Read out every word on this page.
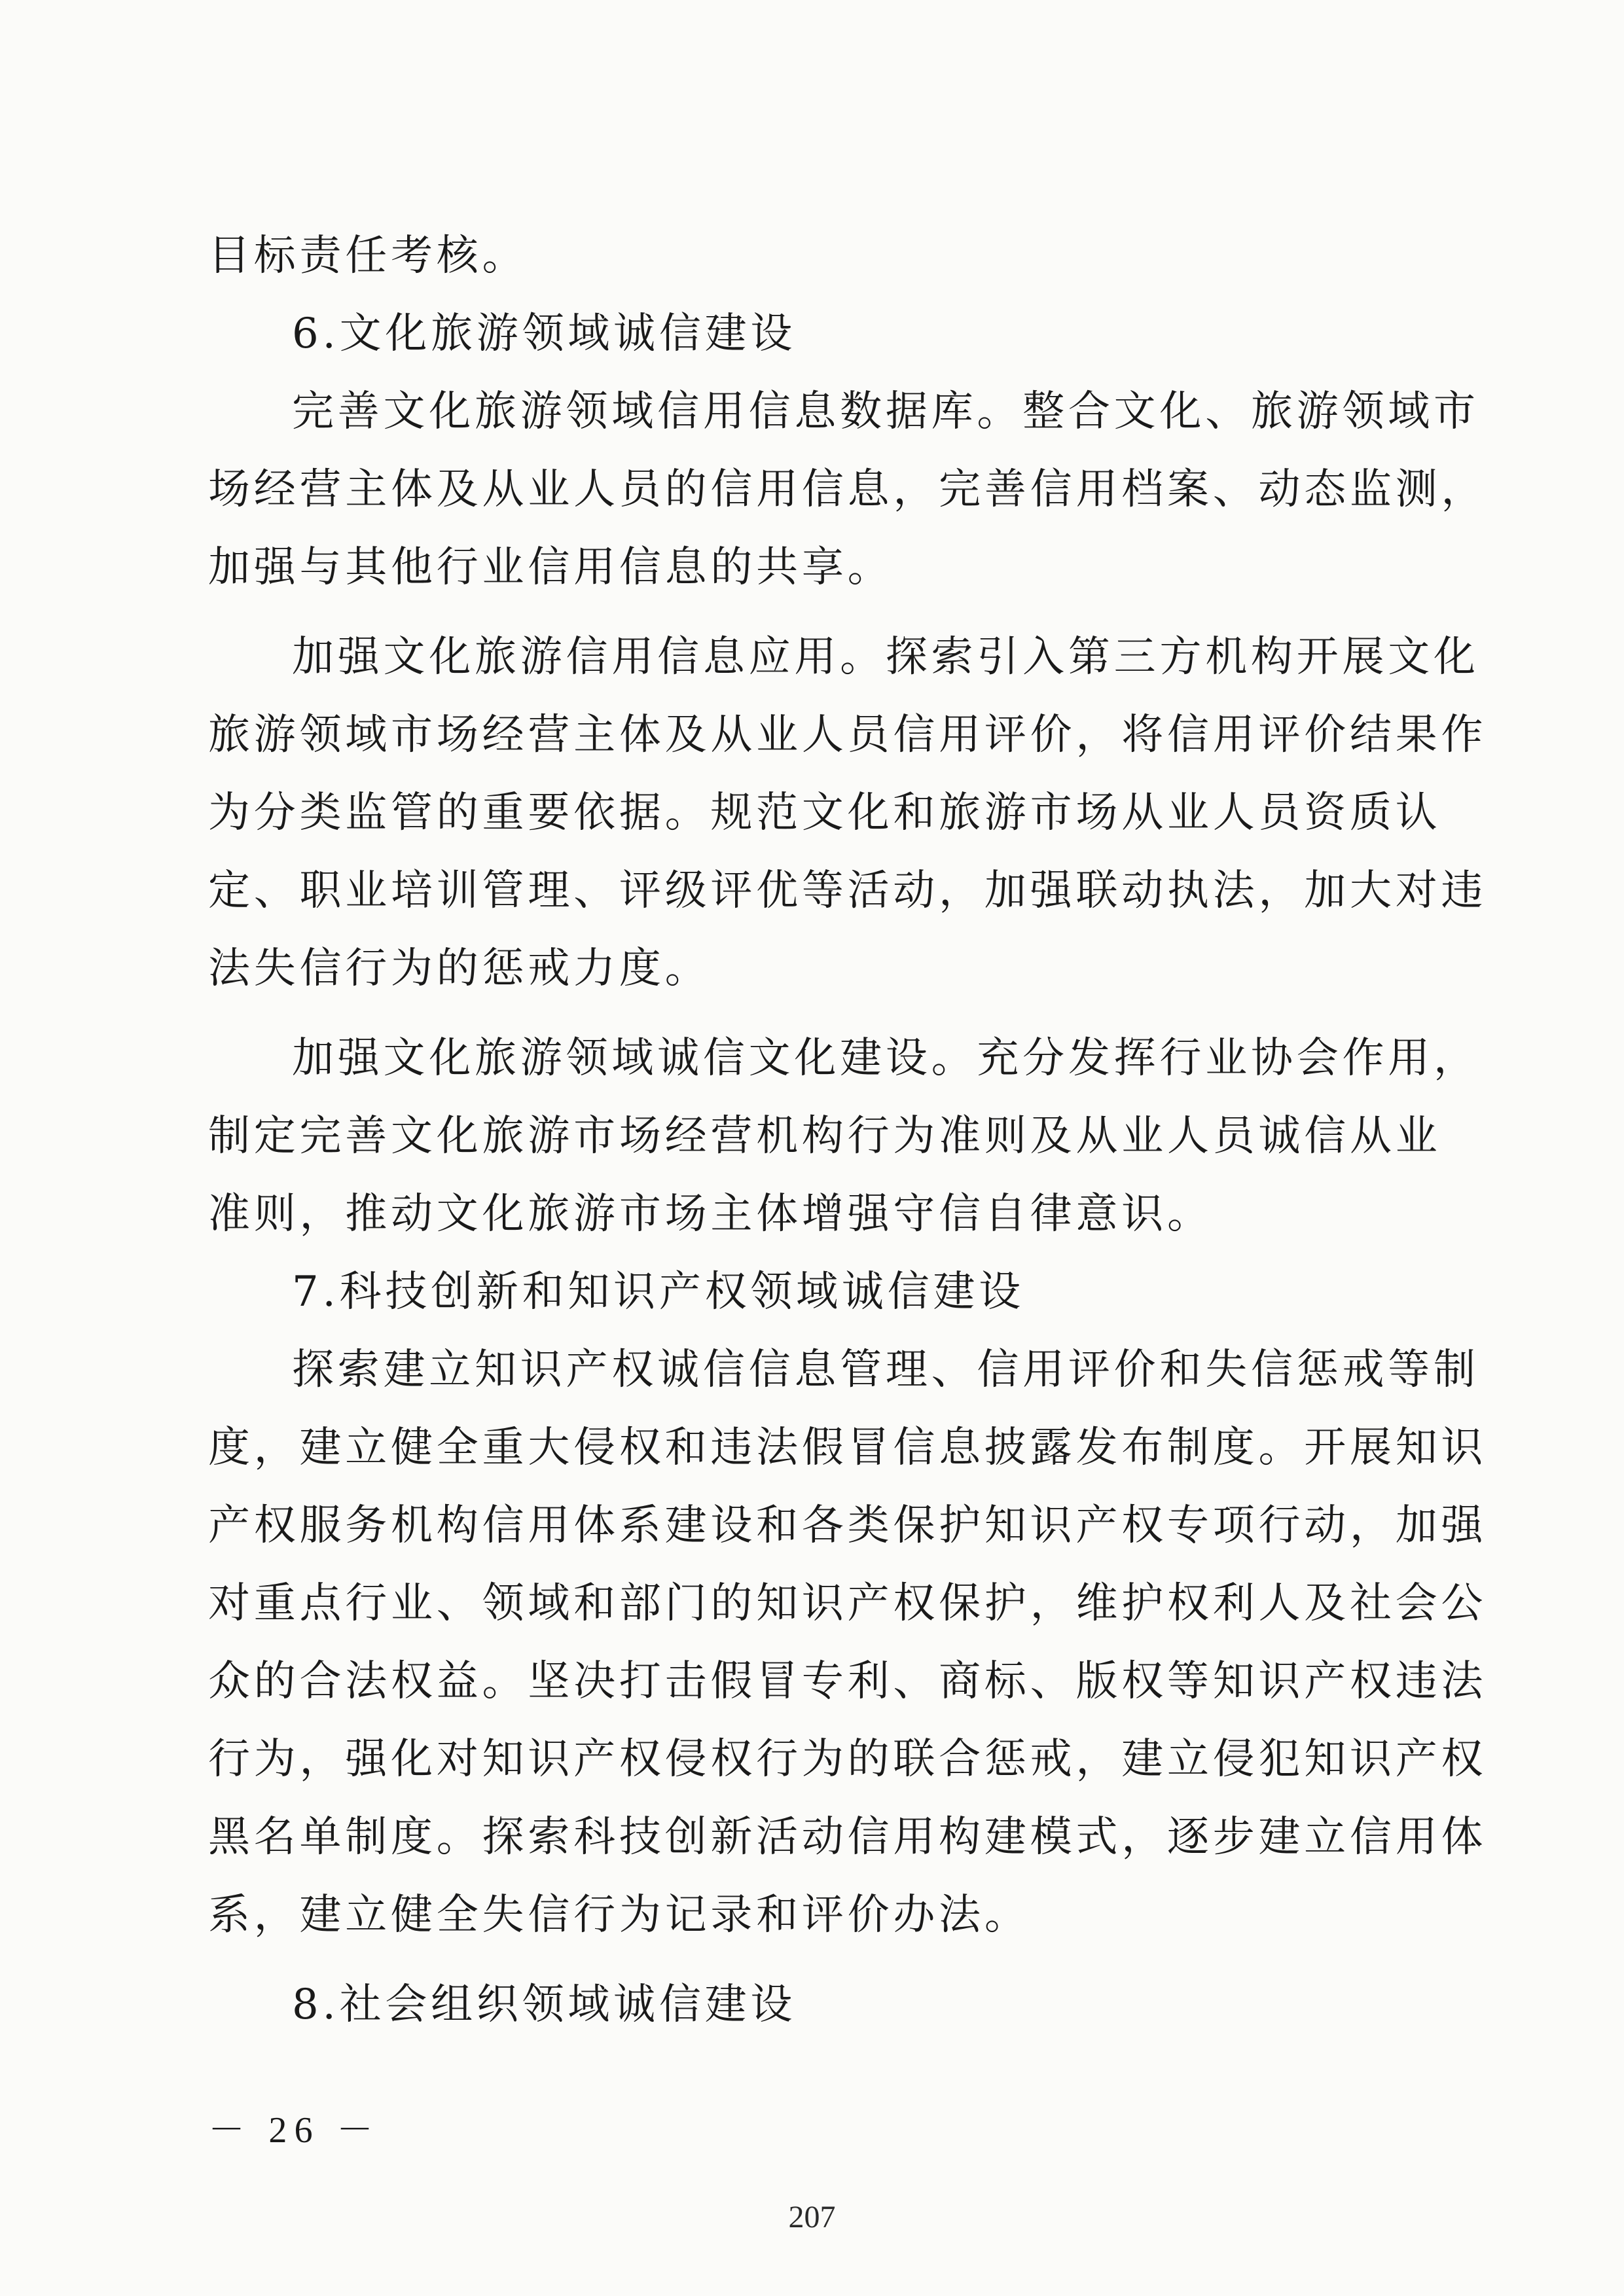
目标责任考核。
6.文化旅游领域诚信建设
完善文化旅游领域信用信息数据库。整合文化、旅游领域市
场经营主体及从业人员的信用信息，完善信用档案、动态监测，
加强与其他行业信用信息的共享。
加强文化旅游信用信息应用。探索引入第三方机构开展文化
旅游领域市场经营主体及从业人员信用评价，将信用评价结果作
为分类监管的重要依据。规范文化和旅游市场从业人员资质认
定、职业培训管理、评级评优等活动，加强联动执法，加大对违
法失信行为的惩戒力度。
加强文化旅游领域诚信文化建设。充分发挥行业协会作用，
制定完善文化旅游市场经营机构行为准则及从业人员诚信从业
准则，推动文化旅游市场主体增强守信自律意识。
7.科技创新和知识产权领域诚信建设
探索建立知识产权诚信信息管理、信用评价和失信惩戒等制
度，建立健全重大侵权和违法假冒信息披露发布制度。开展知识
产权服务机构信用体系建设和各类保护知识产权专项行动，加强
对重点行业、领域和部门的知识产权保护，维护权利人及社会公
众的合法权益。坚决打击假冒专利、商标、版权等知识产权违法
行为，强化对知识产权侵权行为的联合惩戒，建立侵犯知识产权
黑名单制度。探索科技创新活动信用构建模式，逐步建立信用体
系，建立健全失信行为记录和评价办法。
8.社会组织领域诚信建设
－ 26 －
207
